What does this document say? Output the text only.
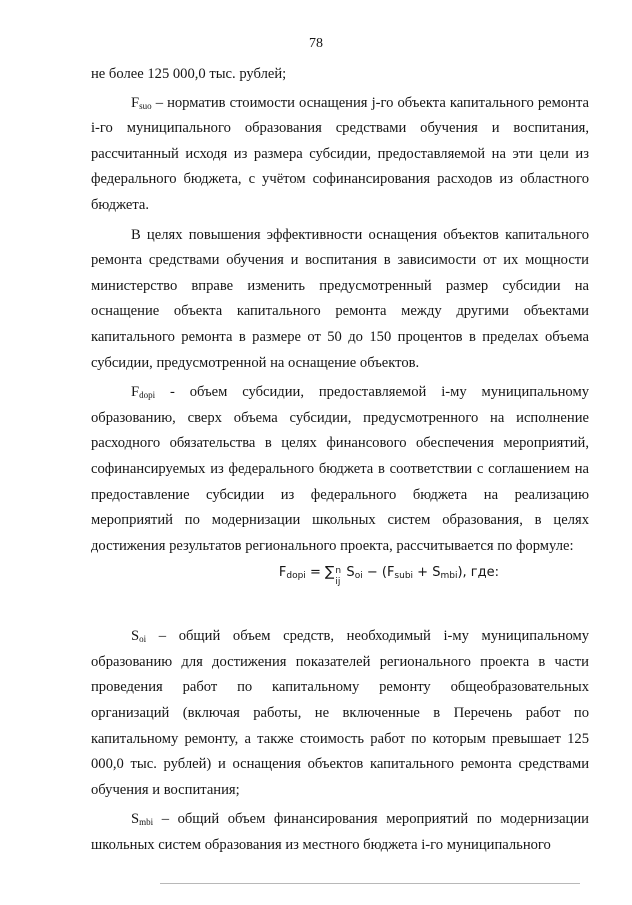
78

не более 125 000,0 тыс. рублей;

$F_{suo}$ – норматив стоимости оснащения j-го объекта капитального ремонта i-го муниципального образования средствами обучения и воспитания, рассчитанный исходя из размера субсидии, предоставляемой на эти цели из федерального бюджета, с учётом софинансирования расходов из областного бюджета.

В целях повышения эффективности оснащения объектов капитального ремонта средствами обучения и воспитания в зависимости от их мощности министерство вправе изменить предусмотренный размер субсидии на оснащение объекта капитального ремонта между другими объектами капитального ремонта в размере от 50 до 150 процентов в пределах объема субсидии, предусмотренной на оснащение объектов.

$F_{dopi}$ - объем субсидии, предоставляемой i-му муниципальному образованию, сверх объема субсидии, предусмотренного на исполнение расходного обязательства в целях финансового обеспечения мероприятий, софинансируемых из федерального бюджета в соответствии с соглашением на предоставление субсидии из федерального бюджета на реализацию мероприятий по модернизации школьных систем образования, в целях достижения результатов регионального проекта, рассчитывается по формуле:

$F_{dopi}$ = ∑ n
ij
$S_{oi} - (F_{subi} + S_{mbi})$, где:

$S_{oi}$ – общий объем средств, необходимый i-му муниципальному образованию для достижения показателей регионального проекта в части проведения работ по капитальному ремонту общеобразовательных организаций (включая работы, не включенные в Перечень работ по капитальному ремонту, а также стоимость работ по которым превышает 125 000,0 тыс. рублей) и оснащения объектов капитального ремонта средствами обучения и воспитания;

$S_{mbi}$ – общий объем финансирования мероприятий по модернизации школьных систем образования из местного бюджета i-го муниципального
